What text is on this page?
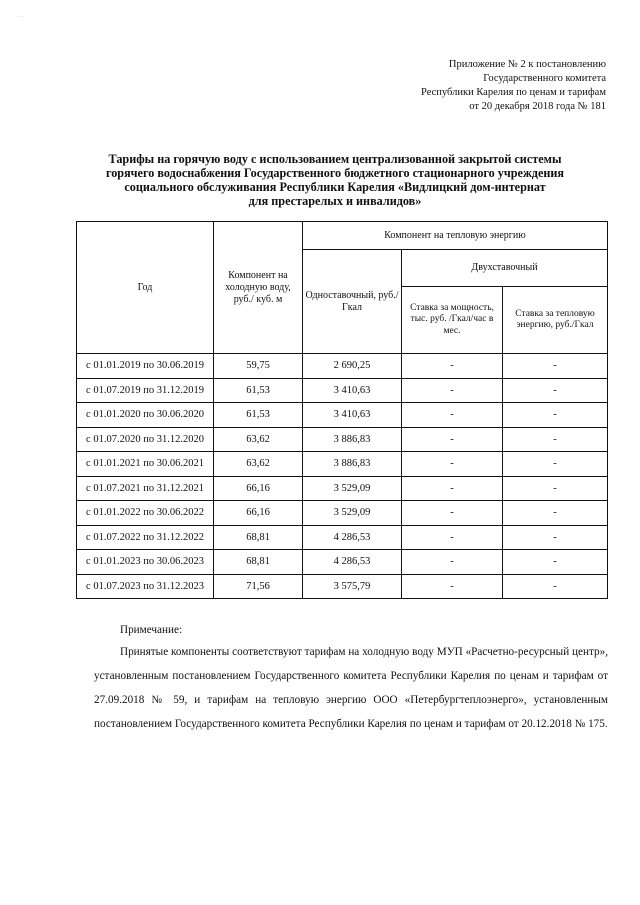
· ·
Приложение № 2 к постановлению
Государственного комитета
Республики Карелия по ценам и тарифам
от 20 декабря 2018 года № 181
Тарифы на горячую воду с использованием централизованной закрытой системы
горячего водоснабжения Государственного бюджетного стационарного учреждения
социального обслуживания Республики Карелия «Видлицкий дом-интернат
для престарелых и инвалидов»
Год	Компонент на холодную воду, руб./ куб. м	Компонент на тепловую энергию		
		Одноставочный, руб./Гкал	Двухставочный	
			Ставка за мощность, тыс. руб. /Гкал/час в мес.	Ставка за тепловую энергию, руб./Гкал
с 01.01.2019 по 30.06.2019	59,75	2 690,25	-	-
с 01.07.2019 по 31.12.2019	61,53	3 410,63	-	-
с 01.01.2020 по 30.06.2020	61,53	3 410,63	-	-
с 01.07.2020 по 31.12.2020	63,62	3 886,83	-	-
с 01.01.2021 по 30.06.2021	63,62	3 886,83	-	-
с 01.07.2021 по 31.12.2021	66,16	3 529,09	-	-
с 01.01.2022 по 30.06.2022	66,16	3 529,09	-	-
с 01.07.2022 по 31.12.2022	68,81	4 286,53	-	-
с 01.01.2023 по 30.06.2023	68,81	4 286,53	-	-
с 01.07.2023 по 31.12.2023	71,56	3 575,79	-	-
Примечание:

Принятые компоненты соответствуют тарифам на холодную воду МУП «Расчетно-ресурсный центр», установленным постановлением Государственного комитета Республики Карелия по ценам и тарифам от 27.09.2018 № 59, и тарифам на тепловую энергию ООО «Петербургтеплоэнерго», установленным постановлением Государственного комитета Республики Карелия по ценам и тарифам от 20.12.2018 № 175.
